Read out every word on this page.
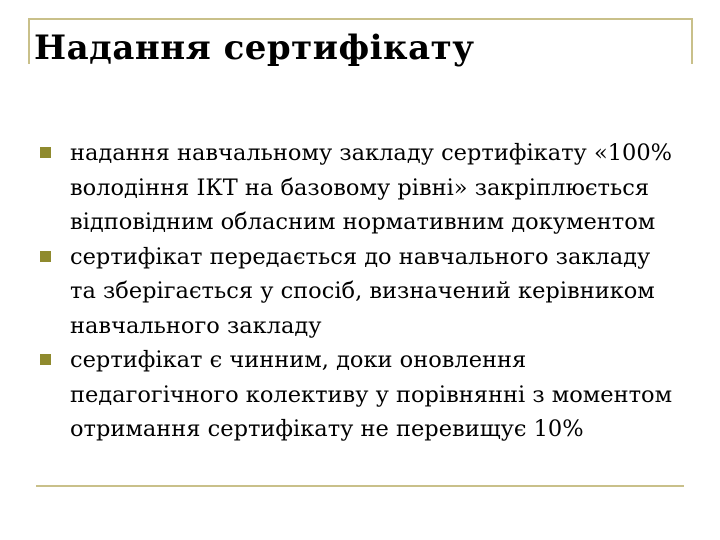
Надання сертифікату
надання навчальному закладу сертифікату «100% володіння ІКТ на базовому рівні» закріплюється відповідним обласним нормативним документом
сертифікат передається до навчального закладу та зберігається у спосіб, визначений керівником навчального закладу
сертифікат є чинним, доки оновлення педагогічного колективу у порівнянні з моментом отримання сертифікату не перевищує 10%
